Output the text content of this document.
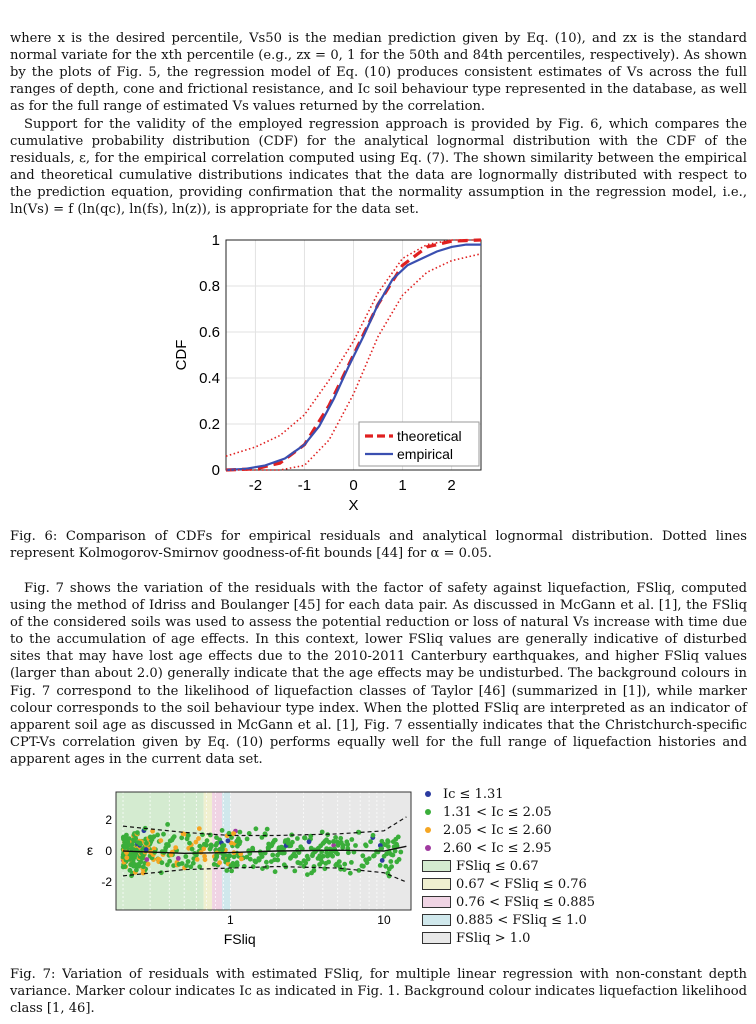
where x is the desired percentile, Vs50 is the median prediction given by Eq. (10), and zx is the standard normal variate for the xth percentile (e.g., zx = 0, 1 for the 50th and 84th percentiles, respectively). As shown by the plots of Fig. 5, the regression model of Eq. (10) produces consistent estimates of Vs across the full ranges of depth, cone and frictional resistance, and Ic soil behaviour type represented in the database, as well as for the full range of estimated Vs values returned by the correlation.

Support for the validity of the employed regression approach is provided by Fig. 6, which compares the cumulative probability distribution (CDF) for the analytical lognormal distribution with the CDF of the residuals, ε, for the empirical correlation computed using Eq. (7). The shown similarity between the empirical and theoretical cumulative distributions indicates that the data are lognormally distributed with respect to the prediction equation, providing confirmation that the normality assumption in the regression model, i.e., ln(Vs) = f (ln(qc), ln(fs), ln(z)), is appropriate for the data set.

-2 -1	0	1	2
0
0.2
0.4
0.6
0.8
1
X
CDF
theoretical
empirical

Fig. 6: Comparison of CDFs for empirical residuals and analytical lognormal distribution. Dotted lines represent Kolmogorov-Smirnov goodness-of-fit bounds [44] for α = 0.05.

Fig. 7 shows the variation of the residuals with the factor of safety against liquefaction, FSliq, computed using the method of Idriss and Boulanger [45] for each data pair. As discussed in McGann et al. [1], the FSliq of the considered soils was used to assess the potential reduction or loss of natural Vs increase with time due to the accumulation of age effects. In this context, lower FSliq values are generally indicative of disturbed sites that may have lost age effects due to the 2010-2011 Canterbury earthquakes, and higher FSliq values (larger than about 2.0) generally indicate that the age effects may be undisturbed. The background colours in Fig. 7 correspond to the likelihood of liquefaction classes of Taylor [46] (summarized in [1]), while marker colour corresponds to the soil behaviour type index. When the plotted FSliq are interpreted as an indicator of apparent soil age as discussed in McGann et al. [1], Fig. 7 essentially indicates that the Christchurch-specific CPT-Vs correlation given by Eq. (10) performs equally well for the full range of liquefaction histories and apparent ages in the current data set.

-2
0
2
1	10
ε
FSliq
Ic ≤ 1.31
1.31 < Ic ≤ 2.05
2.05 < Ic ≤ 2.60
2.60 < Ic ≤ 2.95
FSliq ≤ 0.67
0.67 < FSliq ≤ 0.76
0.76 < FSliq ≤ 0.885
0.885 < FSliq ≤ 1.0
FSliq > 1.0

Fig. 7: Variation of residuals with estimated FSliq, for multiple linear regression with non-constant depth variance. Marker colour indicates Ic as indicated in Fig. 1. Background colour indicates liquefaction likelihood class [1, 46].
